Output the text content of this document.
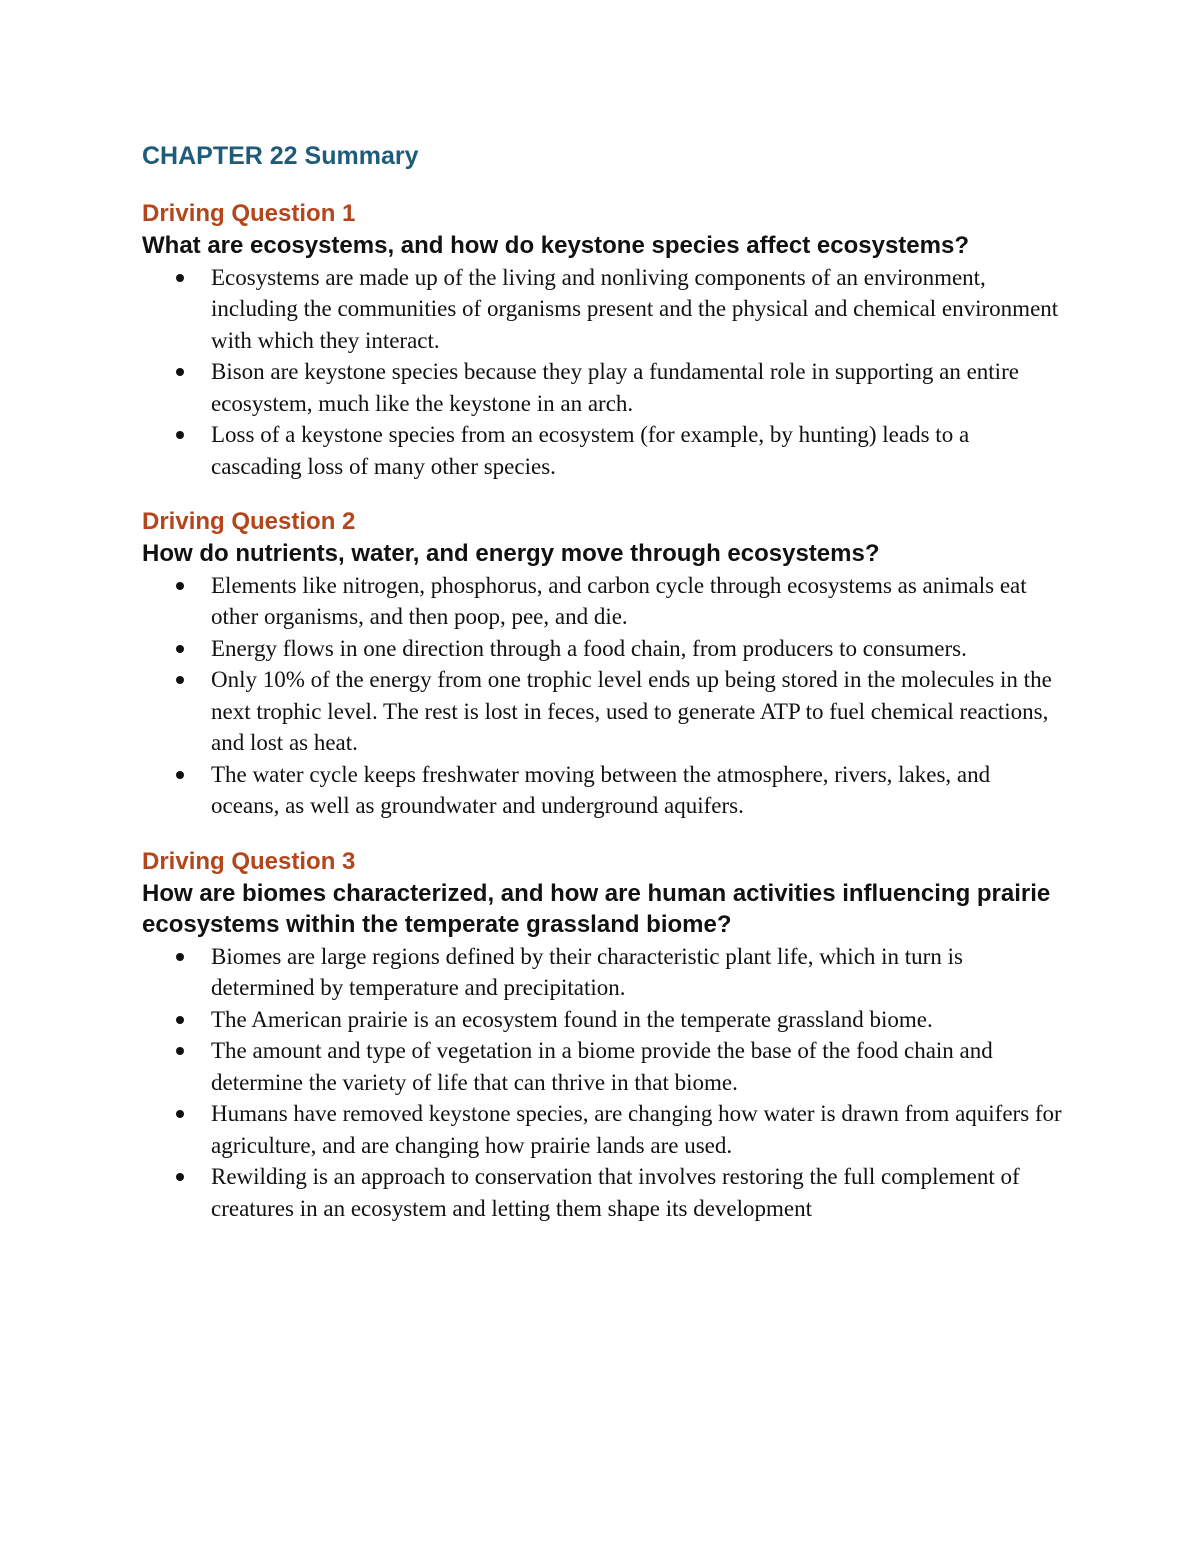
CHAPTER 22 Summary
Driving Question 1
What are ecosystems, and how do keystone species affect ecosystems?
Ecosystems are made up of the living and nonliving components of an environment, including the communities of organisms present and the physical and chemical environment with which they interact.
Bison are keystone species because they play a fundamental role in supporting an entire ecosystem, much like the keystone in an arch.
Loss of a keystone species from an ecosystem (for example, by hunting) leads to a cascading loss of many other species.
Driving Question 2
How do nutrients, water, and energy move through ecosystems?
Elements like nitrogen, phosphorus, and carbon cycle through ecosystems as animals eat other organisms, and then poop, pee, and die.
Energy flows in one direction through a food chain, from producers to consumers.
Only 10% of the energy from one trophic level ends up being stored in the molecules in the next trophic level. The rest is lost in feces, used to generate ATP to fuel chemical reactions, and lost as heat.
The water cycle keeps freshwater moving between the atmosphere, rivers, lakes, and oceans, as well as groundwater and underground aquifers.
Driving Question 3
How are biomes characterized, and how are human activities influencing prairie ecosystems within the temperate grassland biome?
Biomes are large regions defined by their characteristic plant life, which in turn is determined by temperature and precipitation.
The American prairie is an ecosystem found in the temperate grassland biome.
The amount and type of vegetation in a biome provide the base of the food chain and determine the variety of life that can thrive in that biome.
Humans have removed keystone species, are changing how water is drawn from aquifers for agriculture, and are changing how prairie lands are used.
Rewilding is an approach to conservation that involves restoring the full complement of creatures in an ecosystem and letting them shape its development
